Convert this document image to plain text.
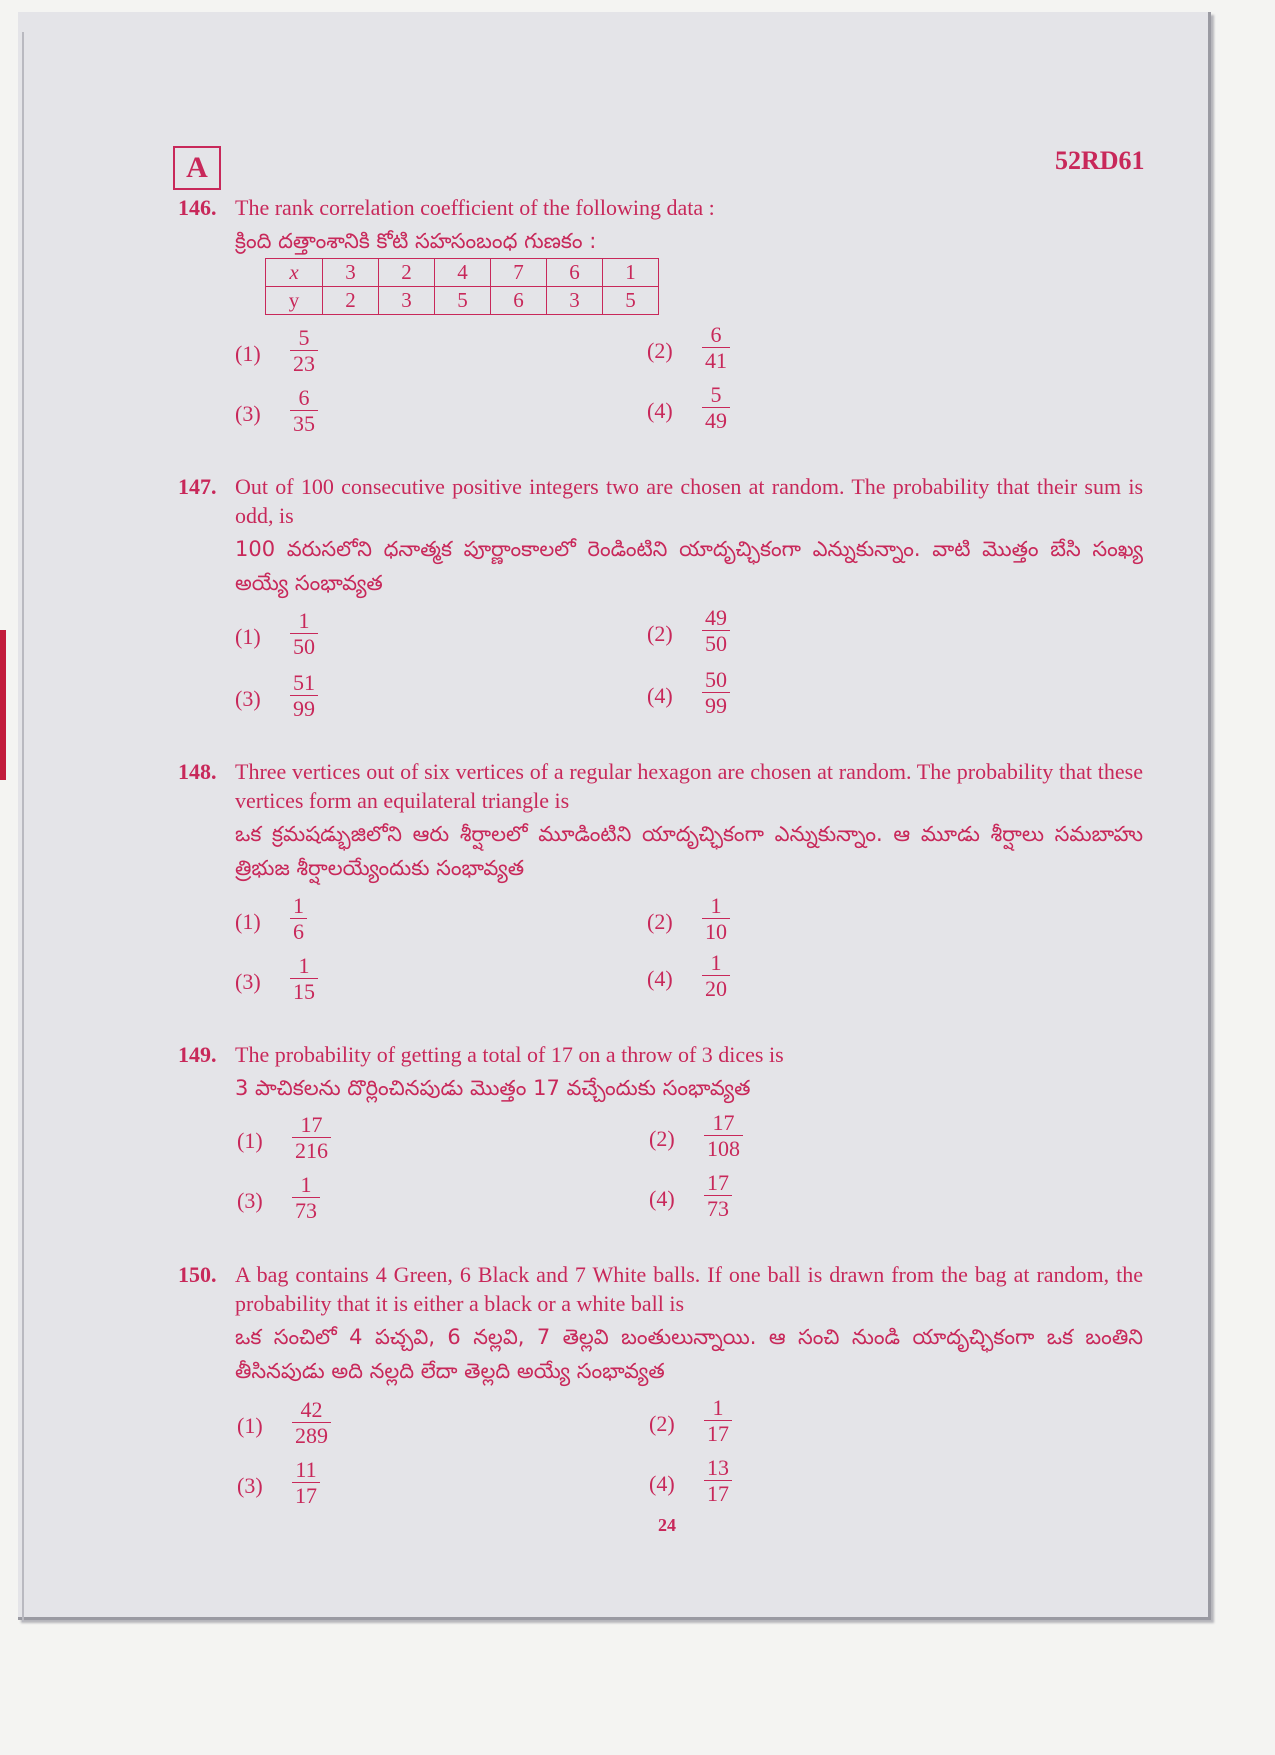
A	52RD61
146. The rank correlation coefficient of the following data :
క్రింది దత్తాంశానికి కోటి సహసంబంధ గుణకం :
x	3	2	4	7	6	1
y	2	3	5	6	3	5
$(1) \frac{5}{23}$	$(2) \frac{6}{41}$
$(3) \frac{6}{35}$	$(4) \frac{5}{49}$
147. Out of 100 consecutive positive integers two are chosen at random. The probability that their sum is odd, is
100 వరుసలోని ధనాత్మక పూర్ణాంకాలలో రెండింటిని యాదృచ్ఛికంగా ఎన్నుకున్నాం. వాటి మొత్తం బేసి సంఖ్య అయ్యే సంభావ్యత
$(1) \frac{1}{50}$	$(2) \frac{49}{50}$
$(3) \frac{51}{99}$	$(4) \frac{50}{99}$
148. Three vertices out of six vertices of a regular hexagon are chosen at random. The probability that these vertices form an equilateral triangle is
ఒక క్రమషడ్భుజిలోని ఆరు శీర్షాలలో మూడింటిని యాదృచ్ఛికంగా ఎన్నుకున్నాం. ఆ మూడు శీర్షాలు సమబాహు త్రిభుజ శీర్షాలయ్యేందుకు సంభావ్యత
$(1) \frac{1}{6}$	$(2) \frac{1}{10}$
$(3) \frac{1}{15}$	$(4) \frac{1}{20}$
149. The probability of getting a total of 17 on a throw of 3 dices is
3 పాచికలను దొర్లించినపుడు మొత్తం 17 వచ్చేందుకు సంభావ్యత
$(1) \frac{17}{216}$	$(2) \frac{17}{108}$
$(3) \frac{1}{73}$	$(4) \frac{17}{73}$
150. A bag contains 4 Green, 6 Black and 7 White balls. If one ball is drawn from the bag at random, the probability that it is either a black or a white ball is
ఒక సంచిలో 4 పచ్చవి, 6 నల్లవి, 7 తెల్లవి బంతులున్నాయి. ఆ సంచి నుండి యాదృచ్ఛికంగా ఒక బంతిని తీసినపుడు అది నల్లది లేదా తెల్లది అయ్యే సంభావ్యత
$(1) \frac{42}{289}$	$(2) \frac{1}{17}$
$(3) \frac{11}{17}$	$(4) \frac{13}{17}$
24
